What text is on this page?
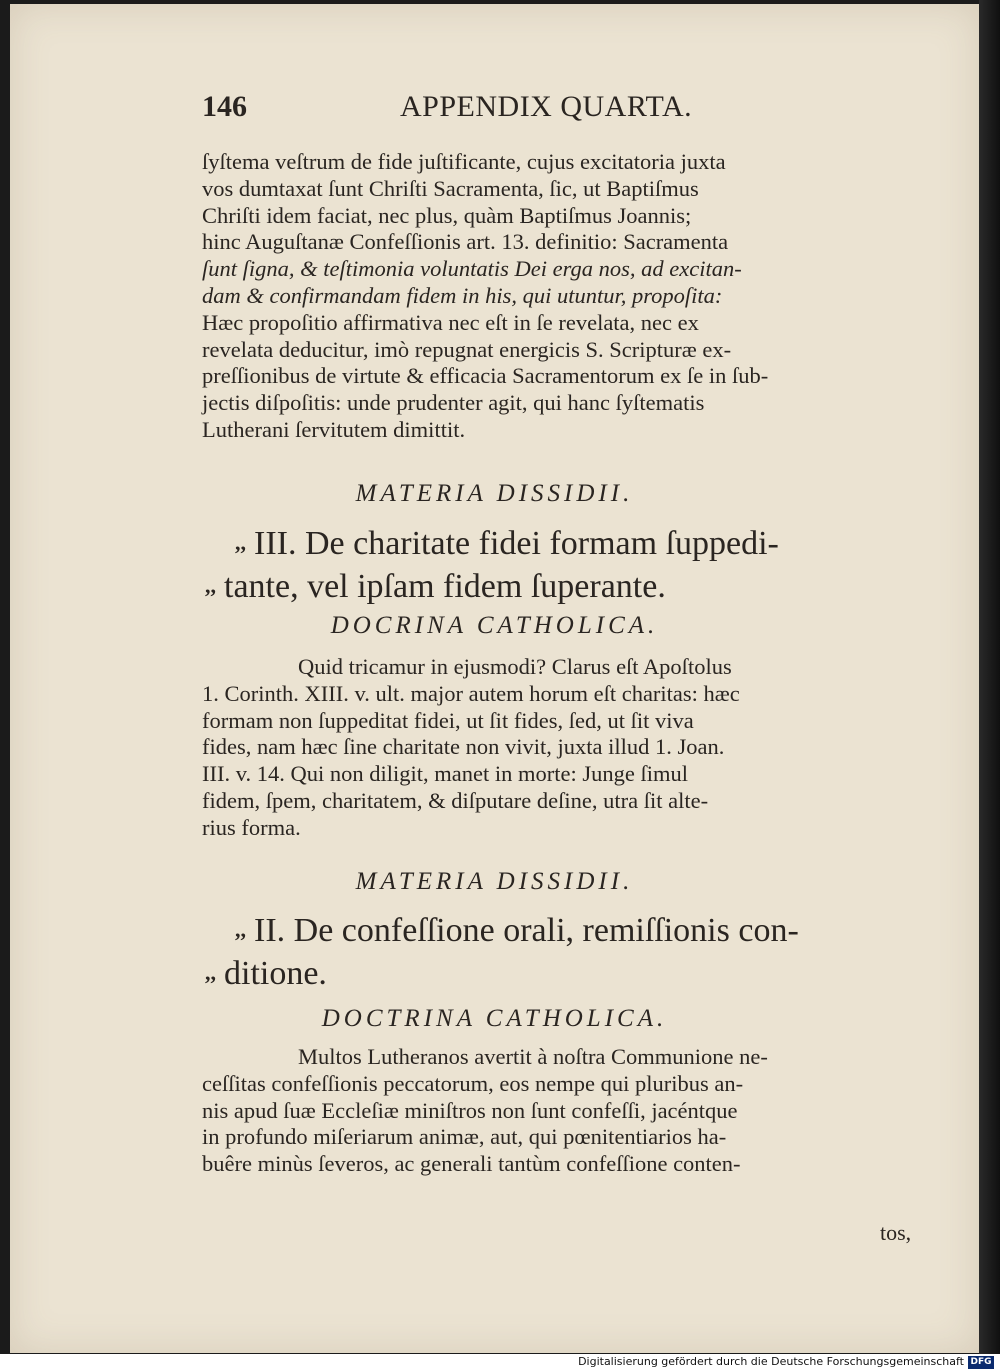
146	APPENDIX QUARTA.
ſyſtema veſtrum de fide juſtificante, cujus excitatoria juxta
vos dumtaxat ſunt Chriſti Sacramenta, ſic, ut Baptiſmus
Chriſti idem faciat, nec plus, quàm Baptiſmus Joannis;
hinc Auguſtanæ Confeſſionis art. 13. definitio: Sacramenta
ſunt ſigna, & teſtimonia voluntatis Dei erga nos, ad excitan-
dam & confirmandam fidem in his, qui utuntur, propoſita:
Hæc propoſitio affirmativa nec eſt in ſe revelata, nec ex
revelata deducitur, imò repugnat energicis S. Scripturæ ex-
preſſionibus de virtute & efficacia Sacramentorum ex ſe in ſub-
jectis diſpoſitis: unde prudenter agit, qui hanc ſyſtematis
Lutherani ſervitutem dimittit.
MATERIA DISSIDII.
,, III. De charitate fidei formam ſuppedi-
,, tante, vel ipſam fidem ſuperante.
DOCRINA CATHOLICA.
Quid tricamur in ejusmodi? Clarus eſt Apoſtolus
1. Corinth. XIII. v. ult. major autem horum eſt charitas: hæc
formam non ſuppeditat fidei, ut ſit fides, ſed, ut ſit viva
fides, nam hæc ſine charitate non vivit, juxta illud 1. Joan.
III. v. 14. Qui non diligit, manet in morte: Junge ſimul
fidem, ſpem, charitatem, & diſputare deſine, utra ſit alte-
rius forma.
MATERIA DISSIDII.
,, II. De confeſſione orali, remiſſionis con-
,, ditione.
DOCTRINA CATHOLICA.
Multos Lutheranos avertit à noſtra Communione ne-
ceſſitas confeſſionis peccatorum, eos nempe qui pluribus an-
nis apud ſuæ Eccleſiæ miniſtros non ſunt confeſſi, jacéntque
in profundo miſeriarum animæ, aut, qui pœnitentiarios ha-
buêre minùs ſeveros, ac generali tantùm confeſſione conten-
tos,
Digitalisierung gefördert durch die Deutsche Forschungsgemeinschaft DFG
